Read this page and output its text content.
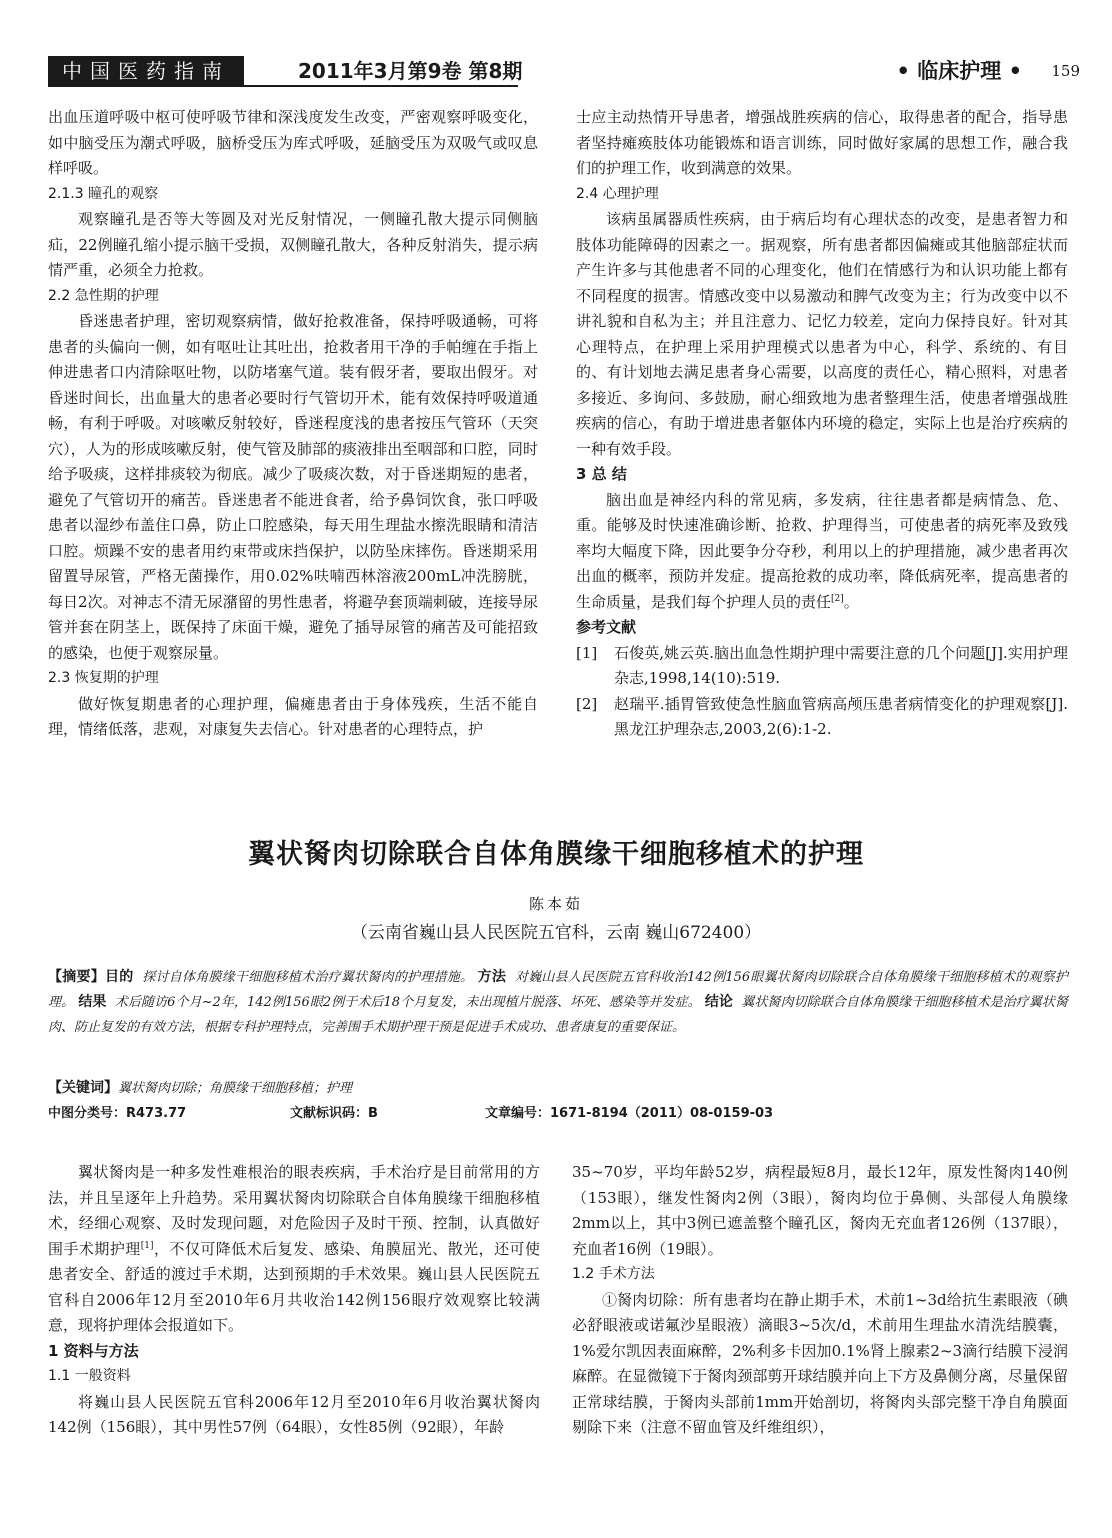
中国医药指南	2011年3月第9卷 第8期	• 临床护理 • 159

出血压道呼吸中枢可使呼吸节律和深浅度发生改变，严密观察呼吸变化，如中脑受压为潮式呼吸，脑桥受压为库式呼吸，延脑受压为双吸气或叹息样呼吸。

2.1.3 瞳孔的观察

观察瞳孔是否等大等圆及对光反射情况，一侧瞳孔散大提示同侧脑疝，22例瞳孔缩小提示脑干受损，双侧瞳孔散大，各种反射消失，提示病情严重，必须全力抢救。

2.2 急性期的护理

昏迷患者护理，密切观察病情，做好抢救准备，保持呼吸通畅，可将患者的头偏向一侧，如有呕吐让其吐出，抢救者用干净的手帕缠在手指上伸进患者口内清除呕吐物，以防堵塞气道。装有假牙者，要取出假牙。对昏迷时间长，出血量大的患者必要时行气管切开术，能有效保持呼吸道通畅，有利于呼吸。对咳嗽反射较好，昏迷程度浅的患者按压气管环（天突穴），人为的形成咳嗽反射，使气管及肺部的痰液排出至咽部和口腔，同时给予吸痰，这样排痰较为彻底。减少了吸痰次数，对于昏迷期短的患者，避免了气管切开的痛苦。昏迷患者不能进食者，给予鼻饲饮食，张口呼吸患者以湿纱布盖住口鼻，防止口腔感染，每天用生理盐水擦洗眼睛和清洁口腔。烦躁不安的患者用约束带或床挡保护，以防坠床摔伤。昏迷期采用留置导尿管，严格无菌操作，用0.02%呋喃西林溶液200mL冲洗膀胱，每日2次。对神志不清无尿潴留的男性患者，将避孕套顶端刺破，连接导尿管并套在阴茎上，既保持了床面干燥，避免了插导尿管的痛苦及可能招致的感染，也便于观察尿量。

2.3 恢复期的护理

做好恢复期患者的心理护理，偏瘫患者由于身体残疾，生活不能自理，情绪低落，悲观，对康复失去信心。针对患者的心理特点，护

士应主动热情开导患者，增强战胜疾病的信心，取得患者的配合，指导患者坚持瘫痪肢体功能锻炼和语言训练，同时做好家属的思想工作，融合我们的护理工作，收到满意的效果。

2.4 心理护理

该病虽属器质性疾病，由于病后均有心理状态的改变，是患者智力和肢体功能障碍的因素之一。据观察，所有患者都因偏瘫或其他脑部症状而产生许多与其他患者不同的心理变化，他们在情感行为和认识功能上都有不同程度的损害。情感改变中以易激动和脾气改变为主；行为改变中以不讲礼貌和自私为主；并且注意力、记忆力较差，定向力保持良好。针对其心理特点，在护理上采用护理模式以患者为中心，科学、系统的、有目的、有计划地去满足患者身心需要，以高度的责任心，精心照料，对患者多接近、多询问、多鼓励，耐心细致地为患者整理生活，使患者增强战胜疾病的信心，有助于增进患者躯体内环境的稳定，实际上也是治疗疾病的一种有效手段。

3 总 结

脑出血是神经内科的常见病，多发病，往往患者都是病情急、危、重。能够及时快速准确诊断、抢救、护理得当，可使患者的病死率及致残率均大幅度下降，因此要争分夺秒，利用以上的护理措施，减少患者再次出血的概率，预防并发症。提高抢救的成功率，降低病死率，提高患者的生命质量，是我们每个护理人员的责任[2]。

参考文献

[1]	石俊英,姚云英.脑出血急性期护理中需要注意的几个问题[J].实用护理杂志,1998,14(10):519.
[2]	赵瑞平.插胃管致使急性脑血管病高颅压患者病情变化的护理观察[J].黑龙江护理杂志,2003,2(6):1-2.
翼状胬肉切除联合自体角膜缘干细胞移植术的护理
陈本茹
（云南省巍山县人民医院五官科，云南 巍山672400）
【摘要】目的 探讨自体角膜缘干细胞移植术治疗翼状胬肉的护理措施。 方法 对巍山县人民医院五官科收治142例156眼翼状胬肉切除联合自体角膜缘干细胞移植术的观察护理。 结果 术后随访6个月~2年，142例156眼2例于术后18个月复发，未出现植片脱落、坏死、感染等并发症。 结论 翼状胬肉切除联合自体角膜缘干细胞移植术是治疗翼状胬肉、防止复发的有效方法，根据专科护理特点，完善围手术期护理干预是促进手术成功、患者康复的重要保证。
【关键词】翼状胬肉切除；角膜缘干细胞移植；护理
中图分类号：R473.77	文献标识码：B	文章编号：1671-8194（2011）08-0159-03

翼状胬肉是一种多发性难根治的眼表疾病，手术治疗是目前常用的方法，并且呈逐年上升趋势。采用翼状胬肉切除联合自体角膜缘干细胞移植术，经细心观察、及时发现问题，对危险因子及时干预、控制，认真做好围手术期护理[1]，不仅可降低术后复发、感染、角膜屈光、散光，还可使患者安全、舒适的渡过手术期，达到预期的手术效果。巍山县人民医院五官科自2006年12月至2010年6月共收治142例156眼疗效观察比较满意，现将护理体会报道如下。

1 资料与方法

1.1 一般资料

将巍山县人民医院五官科2006年12月至2010年6月收治翼状胬肉142例（156眼），其中男性57例（64眼），女性85例（92眼），年龄

35~70岁，平均年龄52岁，病程最短8月，最长12年，原发性胬肉140例（153眼），继发性胬肉2例（3眼），胬肉均位于鼻侧、头部侵人角膜缘2mm以上，其中3例已遮盖整个瞳孔区，胬肉无充血者126例（137眼），充血者16例（19眼）。

1.2 手术方法

①胬肉切除：所有患者均在静止期手术，术前1~3d给抗生素眼液（碘必舒眼液或诺氟沙星眼液）滴眼3~5次/d，术前用生理盐水清洗结膜囊，1%爱尔凯因表面麻醉，2%利多卡因加0.1%肾上腺素2~3滴行结膜下浸润麻醉。在显微镜下于胬肉颈部剪开球结膜并向上下方及鼻侧分离，尽量保留正常球结膜，于胬肉头部前1mm开始剖切，将胬肉头部完整干净自角膜面剔除下来（注意不留血管及纤维组织），
